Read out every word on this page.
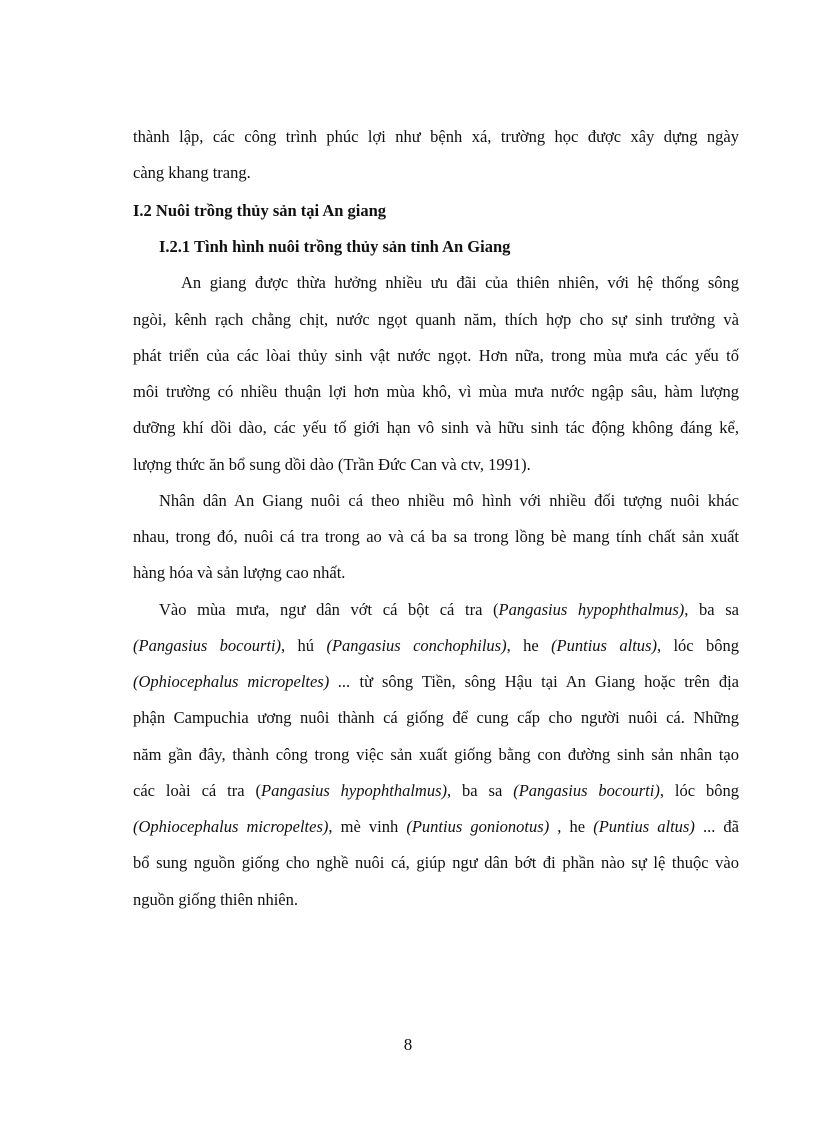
thành lập, các công trình phúc lợi như bệnh xá, trường học được xây dựng ngày
càng khang trang.
I.2 Nuôi trồng thủy sản tại An giang
I.2.1 Tình hình nuôi trồng thủy sản tỉnh An Giang
An giang được thừa hưởng nhiều ưu đãi của thiên nhiên, với hệ thống sông
ngòi, kênh rạch chằng chịt, nước ngọt quanh năm, thích hợp cho sự sinh trưởng và
phát triển của các lòai thủy sinh vật nước ngọt. Hơn nữa, trong mùa mưa các yếu tố
môi trường có nhiều thuận lợi hơn mùa khô, vì mùa mưa nước ngập sâu, hàm lượng
dưỡng khí dồi dào, các yếu tố giới hạn vô sinh và hữu sinh tác động không đáng kể,
lượng thức ăn bổ sung dồi dào (Trần Đức Can và ctv, 1991).
Nhân dân An Giang nuôi cá theo nhiều mô hình với nhiều đối tượng nuôi khác
nhau, trong đó, nuôi cá tra trong ao và cá ba sa trong lồng bè mang tính chất sản xuất
hàng hóa và sản lượng cao nhất.
Vào mùa mưa, ngư dân vớt cá bột cá tra (Pangasius hypophthalmus), ba sa
(Pangasius bocourti), hú (Pangasius conchophilus), he (Puntius altus), lóc bông
(Ophiocephalus micropeltes) ... từ sông Tiền, sông Hậu tại An Giang hoặc trên địa
phận Campuchia ương nuôi thành cá giống để cung cấp cho người nuôi cá. Những
năm gần đây, thành công trong việc sản xuất giống bằng con đường sinh sản nhân tạo
các loài cá tra (Pangasius hypophthalmus), ba sa (Pangasius bocourti), lóc bông
(Ophiocephalus micropeltes), mè vinh (Puntius gonionotus) , he (Puntius altus) ... đã
bổ sung nguồn giống cho nghề nuôi cá, giúp ngư dân bớt đi phần nào sự lệ thuộc vào
nguồn giống thiên nhiên.
8
